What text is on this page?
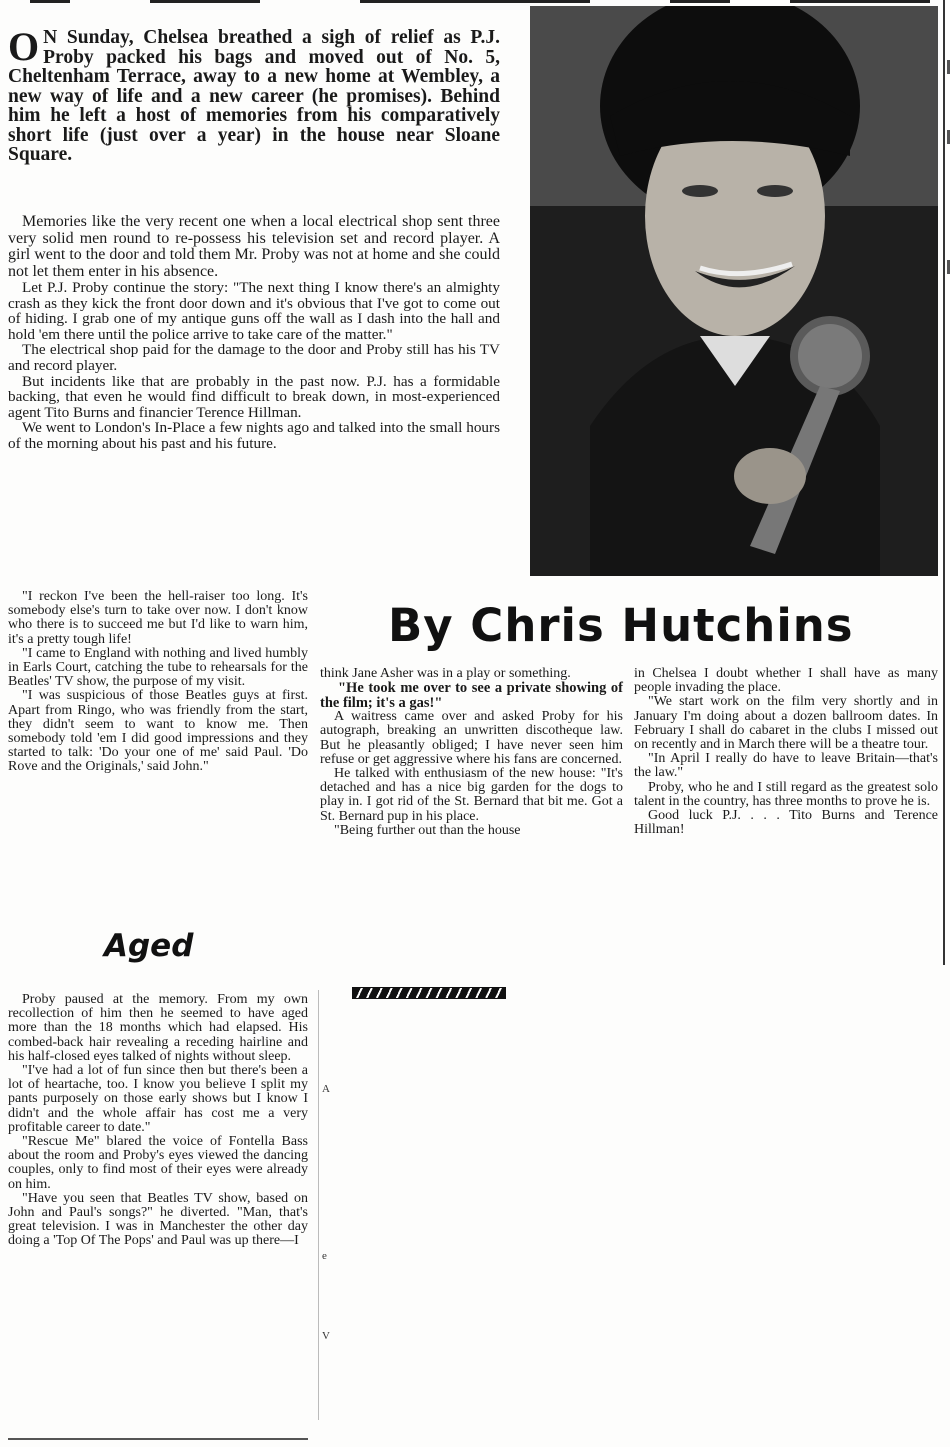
O N Sunday, Chelsea breathed a sigh of relief as P.J. Proby packed his bags and moved out of No. 5, Cheltenham Terrace, away to a new home at Wembley, a new way of life and a new career (he promises). Behind him he left a host of memories from his comparatively short life (just over a year) in the house near Sloane Square.

Memories like the very recent one when a local electrical shop sent three very solid men round to re-possess his television set and record player. A girl went to the door and told them Mr. Proby was not at home and she could not let them enter in his absence.

Let P.J. Proby continue the story: "The next thing I know there's an almighty crash as they kick the front door down and it's obvious that I've got to come out of hiding. I grab one of my antique guns off the wall as I dash into the hall and hold 'em there until the police arrive to take care of the matter."

The electrical shop paid for the damage to the door and Proby still has his TV and record player.

But incidents like that are probably in the past now. P.J. has a formidable backing, that even he would find difficult to break down, in most-experienced agent Tito Burns and financier Terence Hillman.

We went to London's In-Place a few nights ago and talked into the small hours of the morning about his past and his future.

By Chris Hutchins

"I reckon I've been the hell-raiser too long. It's somebody else's turn to take over now. I don't know who there is to succeed me but I'd like to warn him, it's a pretty tough life!

"I came to England with nothing and lived humbly in Earls Court, catching the tube to rehearsals for the Beatles' TV show, the purpose of my visit.

"I was suspicious of those Beatles guys at first. Apart from Ringo, who was friendly from the start, they didn't seem to want to know me. Then somebody told 'em I did good impressions and they started to talk: 'Do your one of me' said Paul. 'Do Rove and the Originals,' said John."

Aged

Proby paused at the memory. From my own recollection of him then he seemed to have aged more than the 18 months which had elapsed. His combed-back hair revealing a receding hairline and his half-closed eyes talked of nights without sleep.

"I've had a lot of fun since then but there's been a lot of heartache, too. I know you believe I split my pants purposely on those early shows but I know I didn't and the whole affair has cost me a very profitable career to date."

"Rescue Me" blared the voice of Fontella Bass about the room and Proby's eyes viewed the dancing couples, only to find most of their eyes were already on him.

"Have you seen that Beatles TV show, based on John and Paul's songs?" he diverted. "Man, that's great television. I was in Manchester the other day doing a 'Top Of The Pops' and Paul was up there—I

think Jane Asher was in a play or something.

"He took me over to see a private showing of the film; it's a gas!"

A waitress came over and asked Proby for his autograph, breaking an unwritten discotheque law. But he pleasantly obliged; I have never seen him refuse or get aggressive where his fans are concerned.

He talked with enthusiasm of the new house: "It's detached and has a nice big garden for the dogs to play in. I got rid of the St. Bernard that bit me. Got a St. Bernard pup in his place.

"Being further out than the house

in Chelsea I doubt whether I shall have as many people invading the place.

"We start work on the film very shortly and in January I'm doing about a dozen ballroom dates. In February I shall do cabaret in the clubs I missed out on recently and in March there will be a theatre tour.

"In April I really do have to leave Britain—that's the law."

Proby, who he and I still regard as the greatest solo talent in the country, has three months to prove he is.

Good luck P.J. . . . Tito Burns and Terence Hillman!

A
e
V
